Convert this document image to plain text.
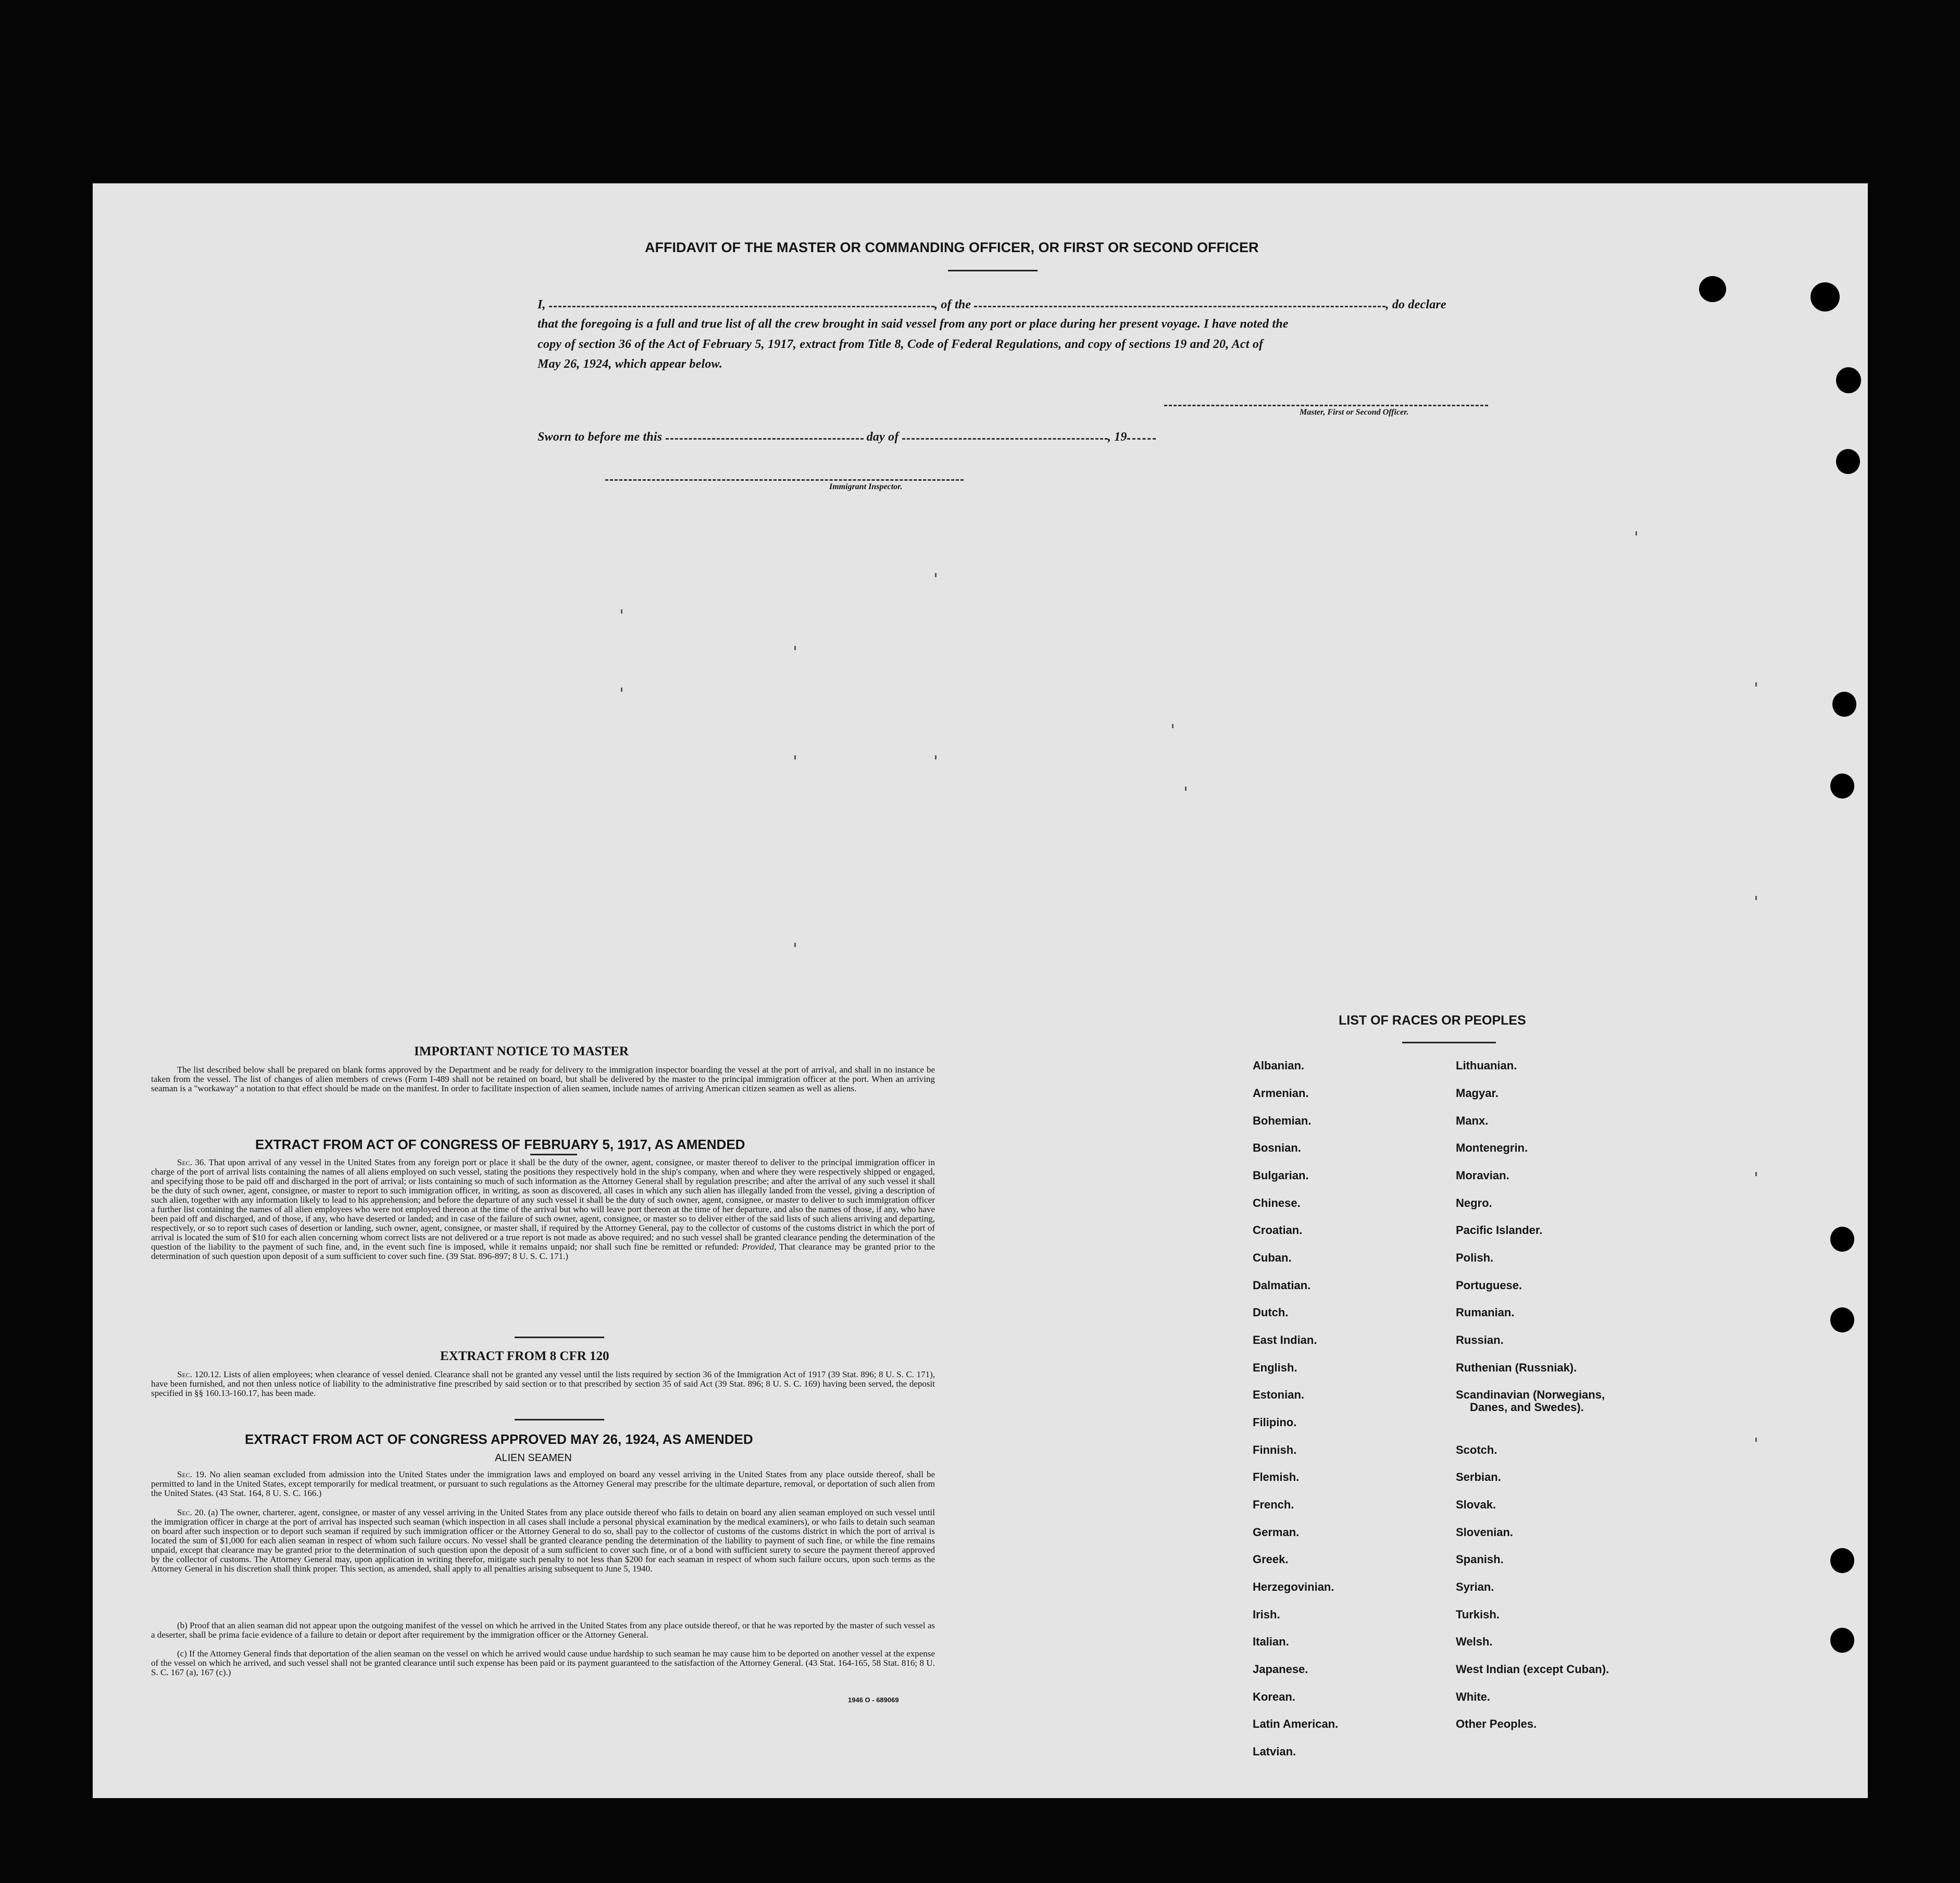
AFFIDAVIT OF THE MASTER OR COMMANDING OFFICER, OR FIRST OR SECOND OFFICER
I,	, of the	, do declare
that the foregoing is a full and true list of all the crew brought in said vessel from any port or place during her present voyage. I have noted the
copy of section 36 of the Act of February 5, 1917, extract from Title 8, Code of Federal Regulations, and copy of sections 19 and 20, Act of
May 26, 1924, which appear below.
Master, First or Second Officer.
Sworn to before me this	day of	, 19
Immigrant Inspector.
IMPORTANT NOTICE TO MASTER
The list described below shall be prepared on blank forms approved by the Department and be ready for delivery to the immigration inspector boarding the vessel at the port of arrival, and shall in no instance be taken from the vessel. The list of changes of alien members of crews (Form I-489 shall not be retained on board, but shall be delivered by the master to the principal immigration officer at the port. When an arriving seaman is a "workaway" a notation to that effect should be made on the manifest. In order to facilitate inspection of alien seamen, include names of arriving American citizen seamen as well as aliens.
EXTRACT FROM ACT OF CONGRESS OF FEBRUARY 5, 1917, AS AMENDED
Sec. 36. That upon arrival of any vessel in the United States from any foreign port or place it shall be the duty of the owner, agent, consignee, or master thereof to deliver to the principal immigration officer in charge of the port of arrival lists containing the names of all aliens employed on such vessel, stating the positions they respectively hold in the ship's company, when and where they were respectively shipped or engaged, and specifying those to be paid off and discharged in the port of arrival; or lists containing so much of such information as the Attorney General shall by regulation prescribe; and after the arrival of any such vessel it shall be the duty of such owner, agent, consignee, or master to report to such immigration officer, in writing, as soon as discovered, all cases in which any such alien has illegally landed from the vessel, giving a description of such alien, together with any information likely to lead to his apprehension; and before the departure of any such vessel it shall be the duty of such owner, agent, consignee, or master to deliver to such immigration officer a further list containing the names of all alien employees who were not employed thereon at the time of the arrival but who will leave port thereon at the time of her departure, and also the names of those, if any, who have been paid off and discharged, and of those, if any, who have deserted or landed; and in case of the failure of such owner, agent, consignee, or master so to deliver either of the said lists of such aliens arriving and departing, respectively, or so to report such cases of desertion or landing, such owner, agent, consignee, or master shall, if required by the Attorney General, pay to the collector of customs of the customs district in which the port of arrival is located the sum of $10 for each alien concerning whom correct lists are not delivered or a true report is not made as above required; and no such vessel shall be granted clearance pending the determination of the question of the liability to the payment of such fine, and, in the event such fine is imposed, while it remains unpaid; nor shall such fine be remitted or refunded: Provided, That clearance may be granted prior to the determination of such question upon deposit of a sum sufficient to cover such fine. (39 Stat. 896-897; 8 U. S. C. 171.)
EXTRACT FROM 8 CFR 120
Sec. 120.12. Lists of alien employees; when clearance of vessel denied. Clearance shall not be granted any vessel until the lists required by section 36 of the Immigration Act of 1917 (39 Stat. 896; 8 U. S. C. 171), have been furnished, and not then unless notice of liability to the administrative fine prescribed by said section or to that prescribed by section 35 of said Act (39 Stat. 896; 8 U. S. C. 169) having been served, the deposit specified in §§ 160.13-160.17, has been made.
EXTRACT FROM ACT OF CONGRESS APPROVED MAY 26, 1924, AS AMENDED
ALIEN SEAMEN
Sec. 19. No alien seaman excluded from admission into the United States under the immigration laws and employed on board any vessel arriving in the United States from any place outside thereof, shall be permitted to land in the United States, except temporarily for medical treatment, or pursuant to such regulations as the Attorney General may prescribe for the ultimate departure, removal, or deportation of such alien from the United States. (43 Stat. 164, 8 U. S. C. 166.)
Sec. 20. (a) The owner, charterer, agent, consignee, or master of any vessel arriving in the United States from any place outside thereof who fails to detain on board any alien seaman employed on such vessel until the immigration officer in charge at the port of arrival has inspected such seaman (which inspection in all cases shall include a personal physical examination by the medical examiners), or who fails to detain such seaman on board after such inspection or to deport such seaman if required by such immigration officer or the Attorney General to do so, shall pay to the collector of customs of the customs district in which the port of arrival is located the sum of $1,000 for each alien seaman in respect of whom such failure occurs. No vessel shall be granted clearance pending the determination of the liability to payment of such fine, or while the fine remains unpaid, except that clearance may be granted prior to the determination of such question upon the deposit of a sum sufficient to cover such fine, or of a bond with sufficient surety to secure the payment thereof approved by the collector of customs. The Attorney General may, upon application in writing therefor, mitigate such penalty to not less than $200 for each seaman in respect of whom such failure occurs, upon such terms as the Attorney General in his discretion shall think proper. This section, as amended, shall apply to all penalties arising subsequent to June 5, 1940.
(b) Proof that an alien seaman did not appear upon the outgoing manifest of the vessel on which he arrived in the United States from any place outside thereof, or that he was reported by the master of such vessel as a deserter, shall be prima facie evidence of a failure to detain or deport after requirement by the immigration officer or the Attorney General.
(c) If the Attorney General finds that deportation of the alien seaman on the vessel on which he arrived would cause undue hardship to such seaman he may cause him to be deported on another vessel at the expense of the vessel on which he arrived, and such vessel shall not be granted clearance until such expense has been paid or its payment guaranteed to the satisfaction of the Attorney General. (43 Stat. 164-165, 58 Stat. 816; 8 U. S. C. 167 (a), 167 (c).)
1946 O - 689069
LIST OF RACES OR PEOPLES
Albanian.
Armenian.
Bohemian.
Bosnian.
Bulgarian.
Chinese.
Croatian.
Cuban.
Dalmatian.
Dutch.
East Indian.
English.
Estonian.
Filipino.
Finnish.
Flemish.
French.
German.
Greek.
Herzegovinian.
Irish.
Italian.
Japanese.
Korean.
Latin American.
Latvian.
Lithuanian.
Magyar.
Manx.
Montenegrin.
Moravian.
Negro.
Pacific Islander.
Polish.
Portuguese.
Rumanian.
Russian.
Ruthenian (Russniak).
Scandinavian (Norwegians,
Danes, and Swedes).
Scotch.
Serbian.
Slovak.
Slovenian.
Spanish.
Syrian.
Turkish.
Welsh.
West Indian (except Cuban).
White.
Other Peoples.
